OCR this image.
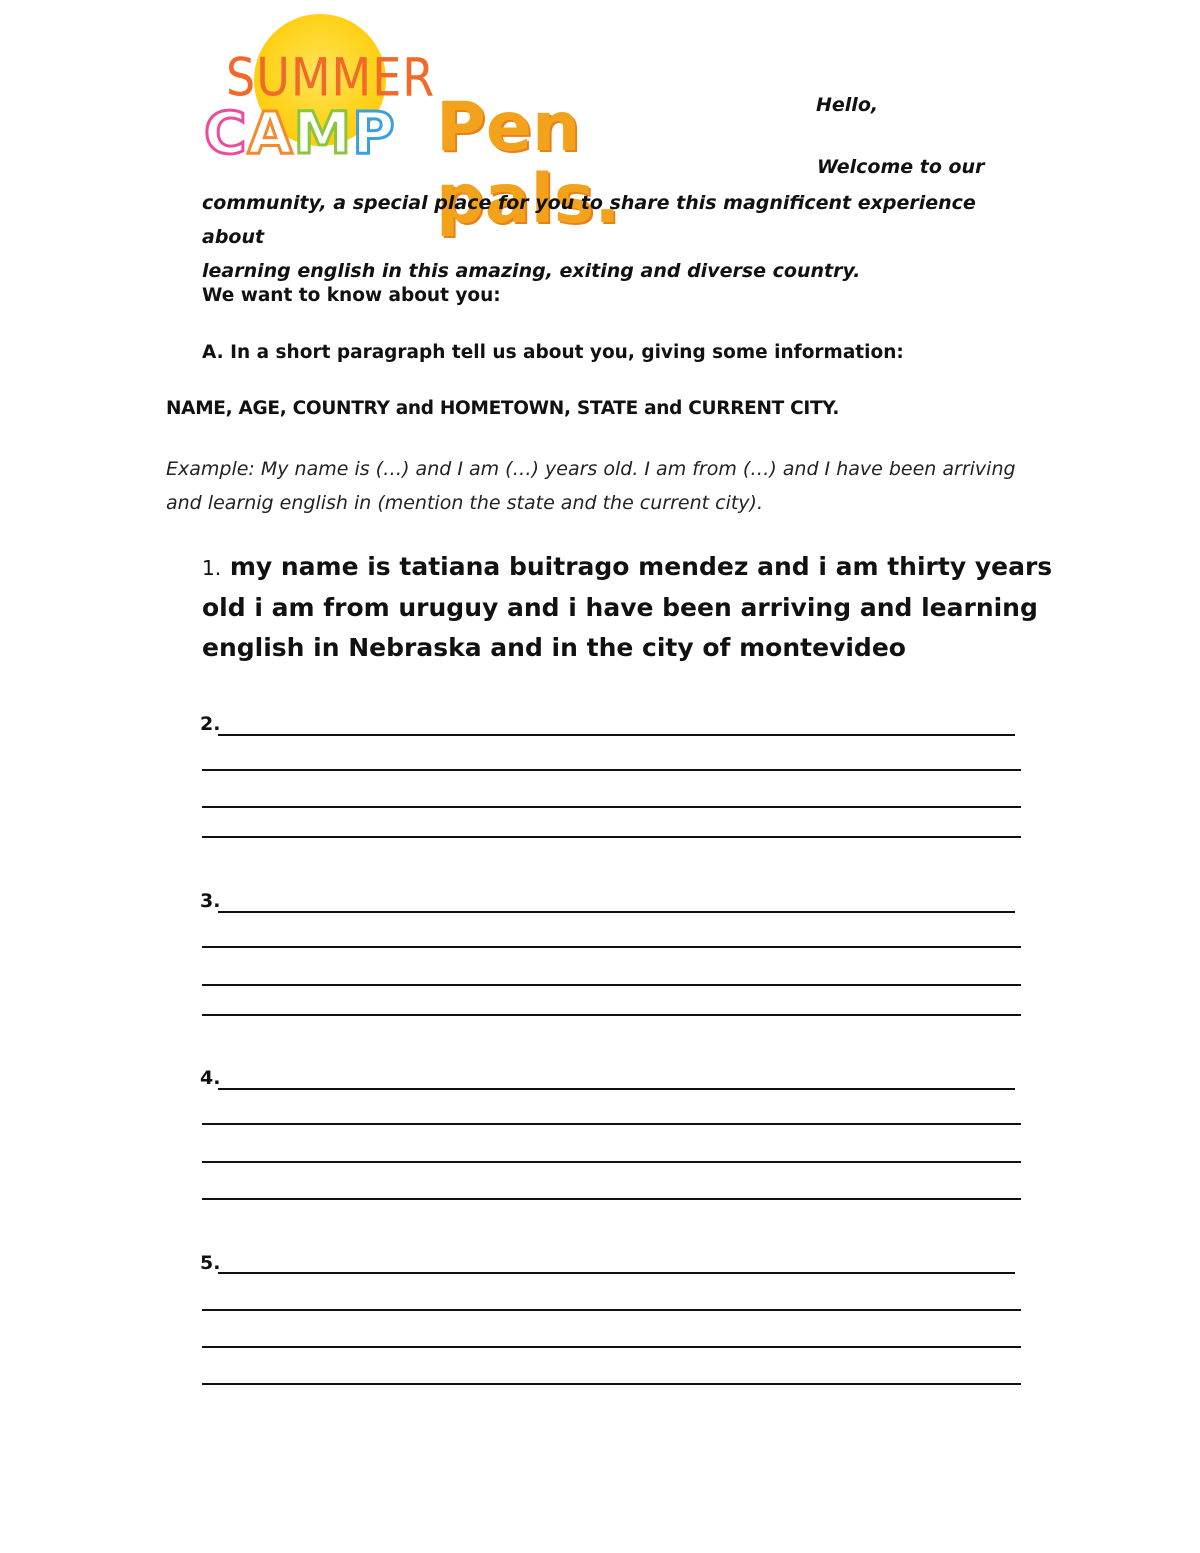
SUMMER
CAMP Pen pals.
Hello,
Welcome to our
community, a special place for you to share this magnificent experience about
learning english in this amazing, exiting and diverse country.
We want to know about you:
A. In a short paragraph tell us about you, giving some information:
NAME, AGE, COUNTRY and HOMETOWN, STATE and CURRENT CITY.
Example: My name is (…) and I am (…) years old. I am from (…) and I have been arriving
and learnig english in (mention the state and the current city).
1. my name is tatiana buitrago mendez and i am thirty years old i am from uruguy and i have been arriving and learning english in Nebraska and in the city of montevideo
2.
3.
4.
5.
